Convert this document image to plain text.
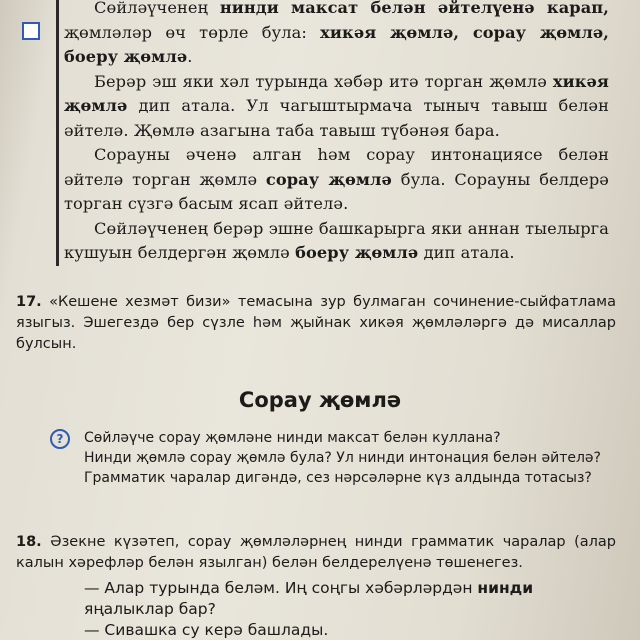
Сөйләүченең нинди максат белән әйтелүенә карап, җөмләләр өч төрле була: хикәя җөмлә, сорау җөмлә, боеру җөмлә.

Берәр эш яки хәл турында хәбәр итә торган җөмлә хикәя җөмлә дип атала. Ул чагыштырмача тыныч тавыш белән әйтелә. Җөмлә азагына таба тавыш түбәнәя бара.

Сорауны әченә алган һәм сорау интонациясе белән әйтелә торган җөмлә сорау җөмлә була. Сорауны белдерә торган сүзгә басым ясап әйтелә.

Сөйләүченең берәр эшне башкарырга яки аннан тыелырга кушуын белдергән җөмлә боеру җөмлә дип атала.

17. «Кешене хезмәт бизи» темасына зур булмаган сочинение-сыйфатлама языгыз. Эшегездә бер сүзле һәм җыйнак хикәя җөмләләргә дә мисаллар булсын.
Сорау җөмлә
?	Сөйләүче сорау җөмләне нинди максат белән куллана?

Нинди җөмлә сорау җөмлә була? Ул нинди интонация белән әйтелә?

Грамматик чаралар дигәндә, сез нәрсәләрне күз алдында тотасыз?

18. Әзекне күзәтеп, сорау җөмләләрнең нинди грамматик чаралар (алар калын хәрефләр белән язылган) белән белдерелүенә төшенегез.

— Алар турында беләм. Иң соңгы хәбәрләрдән нинди яңалыклар бар?

— Сивашка су керә башлады.
